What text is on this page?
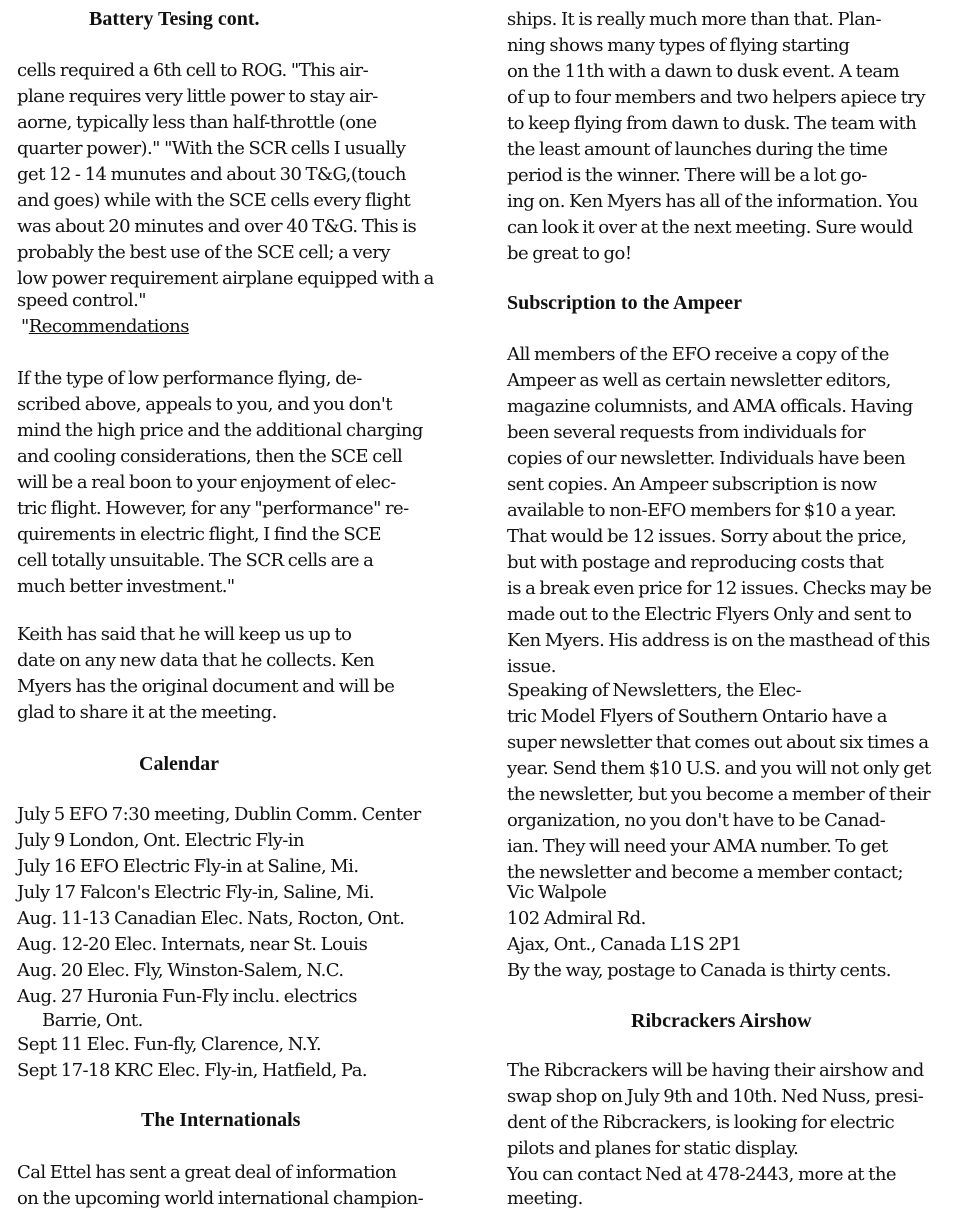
Battery Tesing cont.
cells required a 6th cell to ROG. "This air-
plane requires very little power to stay air-
aorne, typically less than half-throttle (one
quarter power)." "With the SCR cells I usually
get 12 - 14 munutes and about 30 T&G,(touch
and goes) while with the SCE cells every flight
was about 20 minutes and over 40 T&G. This is
probably the best use of the SCE cell; a very
low power requirement airplane equipped with a
speed control."
"Recommendations
If the type of low performance flying, de-
scribed above, appeals to you, and you don't
mind the high price and the additional charging
and cooling considerations, then the SCE cell
will be a real boon to your enjoyment of elec-
tric flight. However, for any "performance" re-
quirements in electric flight, I find the SCE
cell totally unsuitable. The SCR cells are a
much better investment."
Keith has said that he will keep us up to
date on any new data that he collects. Ken
Myers has the original document and will be
glad to share it at the meeting.
Calendar
July 5 EFO 7:30 meeting, Dublin Comm. Center
July 9 London, Ont. Electric Fly-in
July 16 EFO Electric Fly-in at Saline, Mi.
July 17 Falcon's Electric Fly-in, Saline, Mi.
Aug. 11-13 Canadian Elec. Nats, Rocton, Ont.
Aug. 12-20 Elec. Internats, near St. Louis
Aug. 20 Elec. Fly, Winston-Salem, N.C.
Aug. 27 Huronia Fun-Fly inclu. electrics
Barrie, Ont.
Sept 11 Elec. Fun-fly, Clarence, N.Y.
Sept 17-18 KRC Elec. Fly-in, Hatfield, Pa.
The Internationals
Cal Ettel has sent a great deal of information
on the upcoming world international champion-
ships. It is really much more than that. Plan-
ning shows many types of flying starting
on the 11th with a dawn to dusk event. A team
of up to four members and two helpers apiece try
to keep flying from dawn to dusk. The team with
the least amount of launches during the time
period is the winner. There will be a lot go-
ing on. Ken Myers has all of the information. You
can look it over at the next meeting. Sure would
be great to go!
Subscription to the Ampeer
All members of the EFO receive a copy of the
Ampeer as well as certain newsletter editors,
magazine columnists, and AMA officals. Having
been several requests from individuals for
copies of our newsletter. Individuals have been
sent copies. An Ampeer subscription is now
available to non-EFO members for $10 a year.
That would be 12 issues. Sorry about the price,
but with postage and reproducing costs that
is a break even price for 12 issues. Checks may be
made out to the Electric Flyers Only and sent to
Ken Myers. His address is on the masthead of this
issue.
Speaking of Newsletters, the Elec-
tric Model Flyers of Southern Ontario have a
super newsletter that comes out about six times a
year. Send them $10 U.S. and you will not only get
the newsletter, but you become a member of their
organization, no you don't have to be Canad-
ian. They will need your AMA number. To get
the newsletter and become a member contact;
Vic Walpole
102 Admiral Rd.
Ajax, Ont., Canada L1S 2P1
By the way, postage to Canada is thirty cents.
Ribcrackers Airshow
The Ribcrackers will be having their airshow and
swap shop on July 9th and 10th. Ned Nuss, presi-
dent of the Ribcrackers, is looking for electric
pilots and planes for static display.
You can contact Ned at 478-2443, more at the
meeting.
